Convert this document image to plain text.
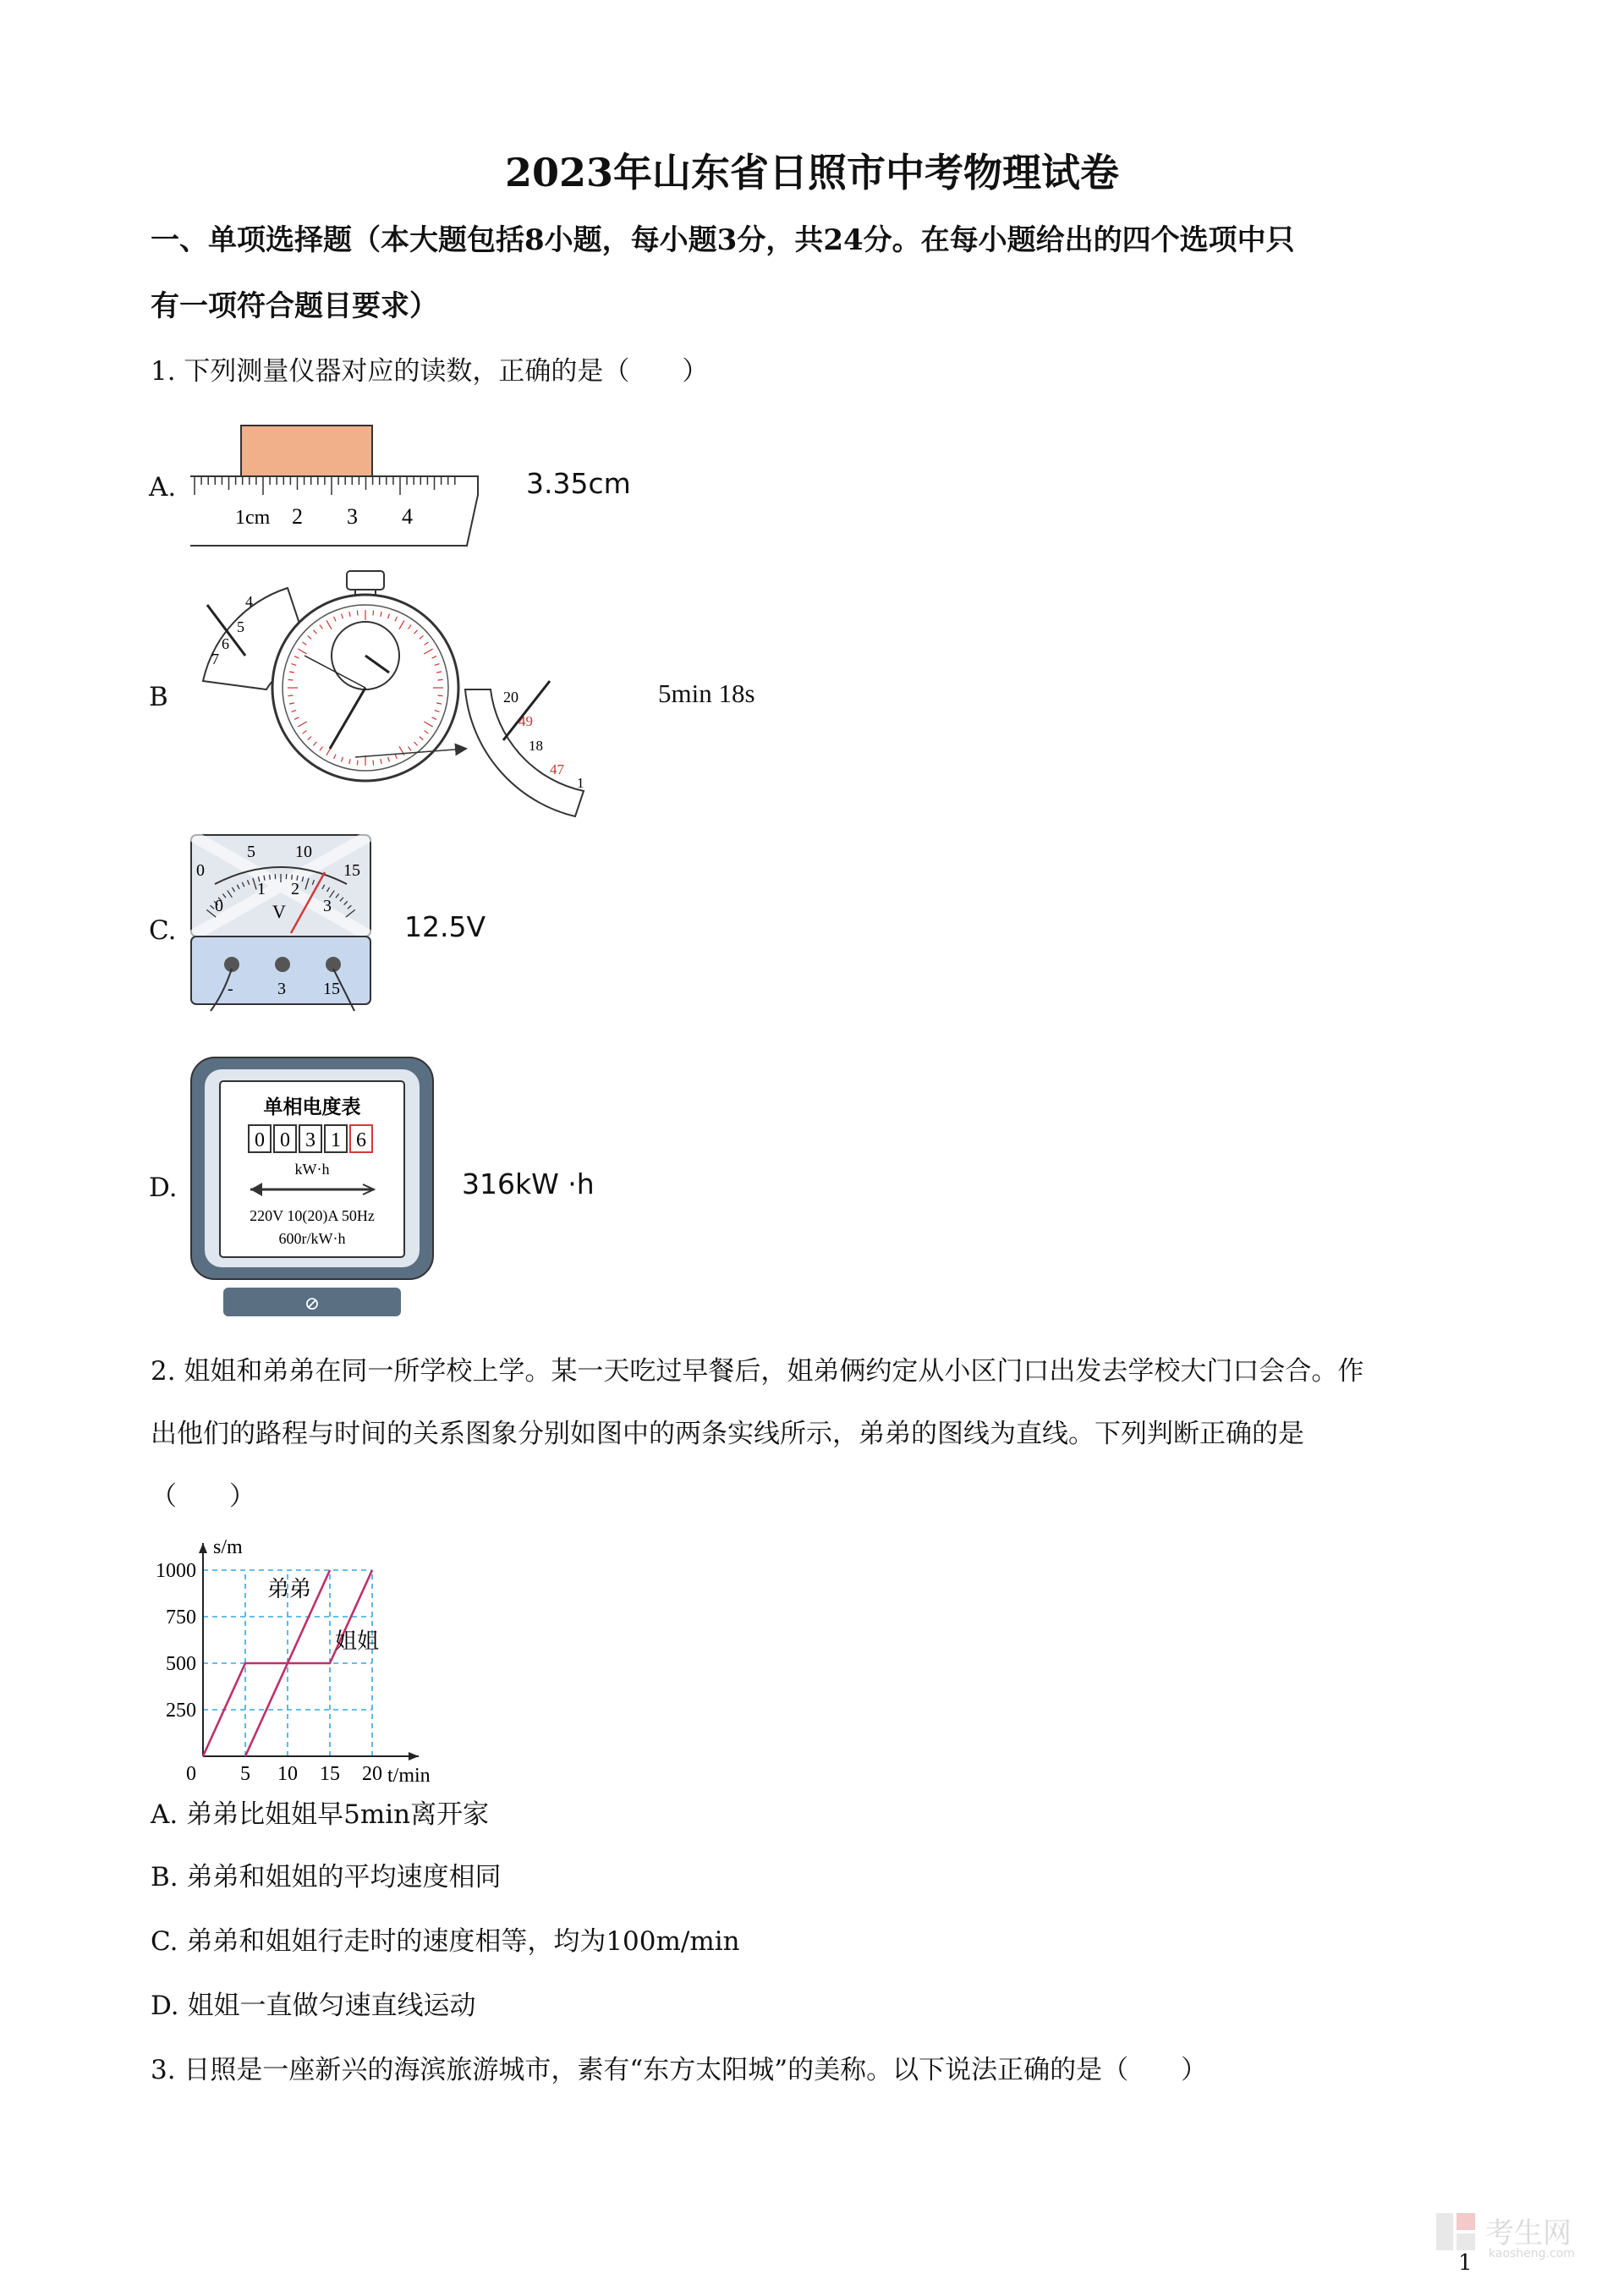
2023年山东省日照市中考物理试卷
一、单项选择题（本大题包括8小题，每小题3分，共24分。在每小题给出的四个选项中只
有一项符合题目要求）
1. 下列测量仪器对应的读数，正确的是（　　）
A.
1cm 2 3 4
3.35cm
B
4
5
6
7
20
49
18
47
1
5min 18s
C.
0
5 10
15
0
1 2
3
V
-	3 15
12.5V
D.
单相电度表
0 0 3 1 6
kW·h
220V 10(20)A 50Hz
600r/kW·h
⊘
316kW ·h
2. 姐姐和弟弟在同一所学校上学。某一天吃过早餐后，姐弟俩约定从小区门口出发去学校大门口会合。作
出他们的路程与时间的关系图象分别如图中的两条实线所示，弟弟的图线为直线。下列判断正确的是
（　　）
0 5 10 15 20
250
500
750
1000
t/min
s/m
弟弟
姐姐
A. 弟弟比姐姐早5min离开家
B. 弟弟和姐姐的平均速度相同
C. 弟弟和姐姐行走时的速度相等，均为100m/min
D. 姐姐一直做匀速直线运动
3. 日照是一座新兴的海滨旅游城市，素有“东方太阳城”的美称。以下说法正确的是（　　）
1
考生网
kaosheng.com
